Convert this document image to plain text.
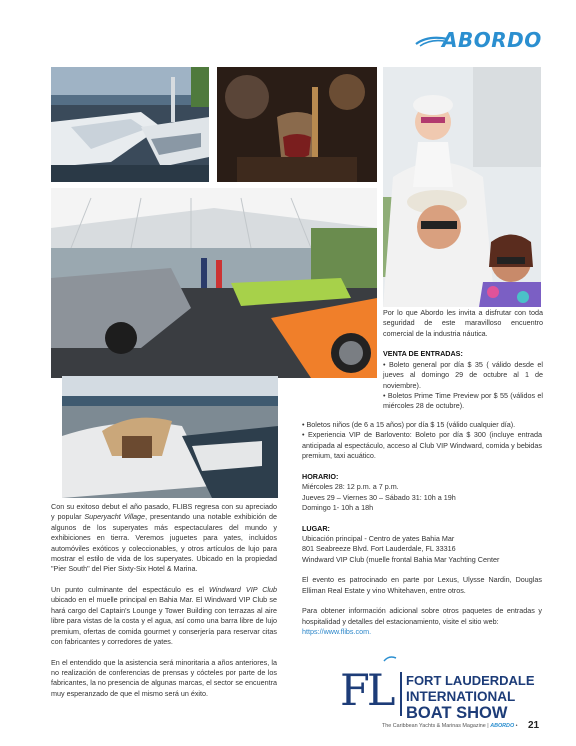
ABORDO

Con su exitoso debut el año pasado, FLIBS regresa con su apreciado y popular Superyacht Village, presentando una notable exhibición de algunos de los superyates más espectaculares del mundo y exhibiciones en tierra. Veremos juguetes para yates, incluidos automóviles exóticos y coleccionables, y otros artículos de lujo para mostrar el estilo de vida de los superyates. Ubicado en la propiedad "Pier South" del Pier Sixty-Six Hotel & Marina.

Un punto culminante del espectáculo es el Windward VIP Club ubicado en el muelle principal en Bahia Mar. El Windward VIP Club se hará cargo del Captain's Lounge y Tower Building con terrazas al aire libre para vistas de la costa y el agua, así como una barra libre de lujo premium, ofertas de comida gourmet y conserjería para reservar citas con fabricantes y corredores de yates.

En el entendido que la asistencia será minoritaria a años anteriores, la no realización de conferencias de prensas y cócteles por parte de los fabricantes, la no presencia de algunas marcas, el sector se encuentra muy esperanzado de que el mismo será un éxito.

Por lo que Abordo les invita a disfrutar con toda seguridad de este maravilloso encuentro comercial de la industria náutica.

VENTA DE ENTRADAS:

• Boleto general por día $ 35 ( válido desde el jueves al domingo 29 de octubre al 1 de noviembre).

• Boletos Prime Time Preview por $ 55 (válidos el miércoles 28 de octubre).

• Boletos niños (de 6 a 15 años) por día $ 15 (válido cualquier día).

• Experiencia VIP de Barlovento: Boleto por día $ 300 (incluye entrada anticipada al espectáculo, acceso al Club VIP Windward, comida y bebidas premium, taxi acuático.

HORARIO:

Miércoles 28: 12 p.m. a 7 p.m.

Jueves 29 – Viernes 30 – Sábado 31: 10h a 19h

Domingo 1- 10h a 18h

LUGAR:

Ubicación principal - Centro de yates Bahia Mar

801 Seabreeze Blvd. Fort Lauderdale, FL 33316

Windward VIP Club (muelle frontal Bahia Mar Yachting Center

El evento es patrocinado en parte por Lexus, Ulysse Nardin, Douglas Elliman Real Estate y vino Whitehaven, entre otros.

Para obtener información adicional sobre otros paquetes de entradas y hospitalidad y detalles del estacionamiento, visite el sitio web:

https://www.flibs.com.

FL FORT LAUDERDALE
INTERNATIONAL
BOAT SHOW
The Caribbean Yachts & Marinas Magazine | ABORDO • 21
